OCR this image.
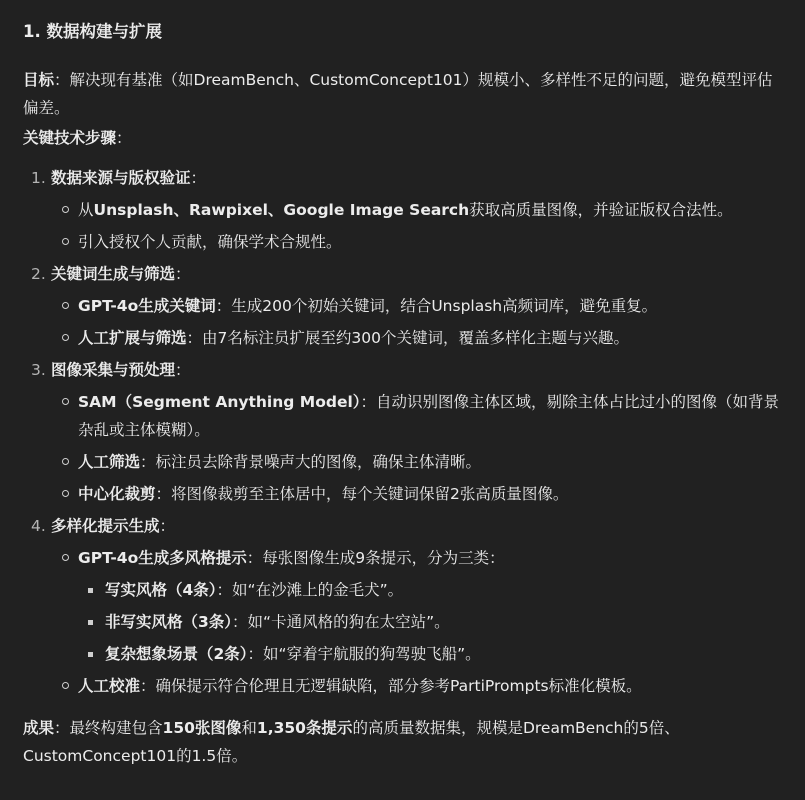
1. 数据构建与扩展

目标：解决现有基准（如DreamBench、CustomConcept101）规模小、多样性不足的问题，避免模型评估偏差。

关键技术步骤：

1. 数据来源与版权验证：
从Unsplash、Rawpixel、Google Image Search获取高质量图像，并验证版权合法性。
引入授权个人贡献，确保学术合规性。
2. 关键词生成与筛选：
GPT-4o生成关键词：生成200个初始关键词，结合Unsplash高频词库，避免重复。
人工扩展与筛选：由7名标注员扩展至约300个关键词，覆盖多样化主题与兴趣。
3. 图像采集与预处理：
SAM（Segment Anything Model）：自动识别图像主体区域，剔除主体占比过小的图像（如背景杂乱或主体模糊）。
人工筛选：标注员去除背景噪声大的图像，确保主体清晰。
中心化裁剪：将图像裁剪至主体居中，每个关键词保留2张高质量图像。
4. 多样化提示生成：
GPT-4o生成多风格提示：每张图像生成9条提示，分为三类：
写实风格（4条）：如“在沙滩上的金毛犬”。
非写实风格（3条）：如“卡通风格的狗在太空站”。
复杂想象场景（2条）：如“穿着宇航服的狗驾驶飞船”。
人工校准：确保提示符合伦理且无逻辑缺陷，部分参考PartiPrompts标准化模板。

成果：最终构建包含150张图像和1,350条提示的高质量数据集，规模是DreamBench的5倍、CustomConcept101的1.5倍。
